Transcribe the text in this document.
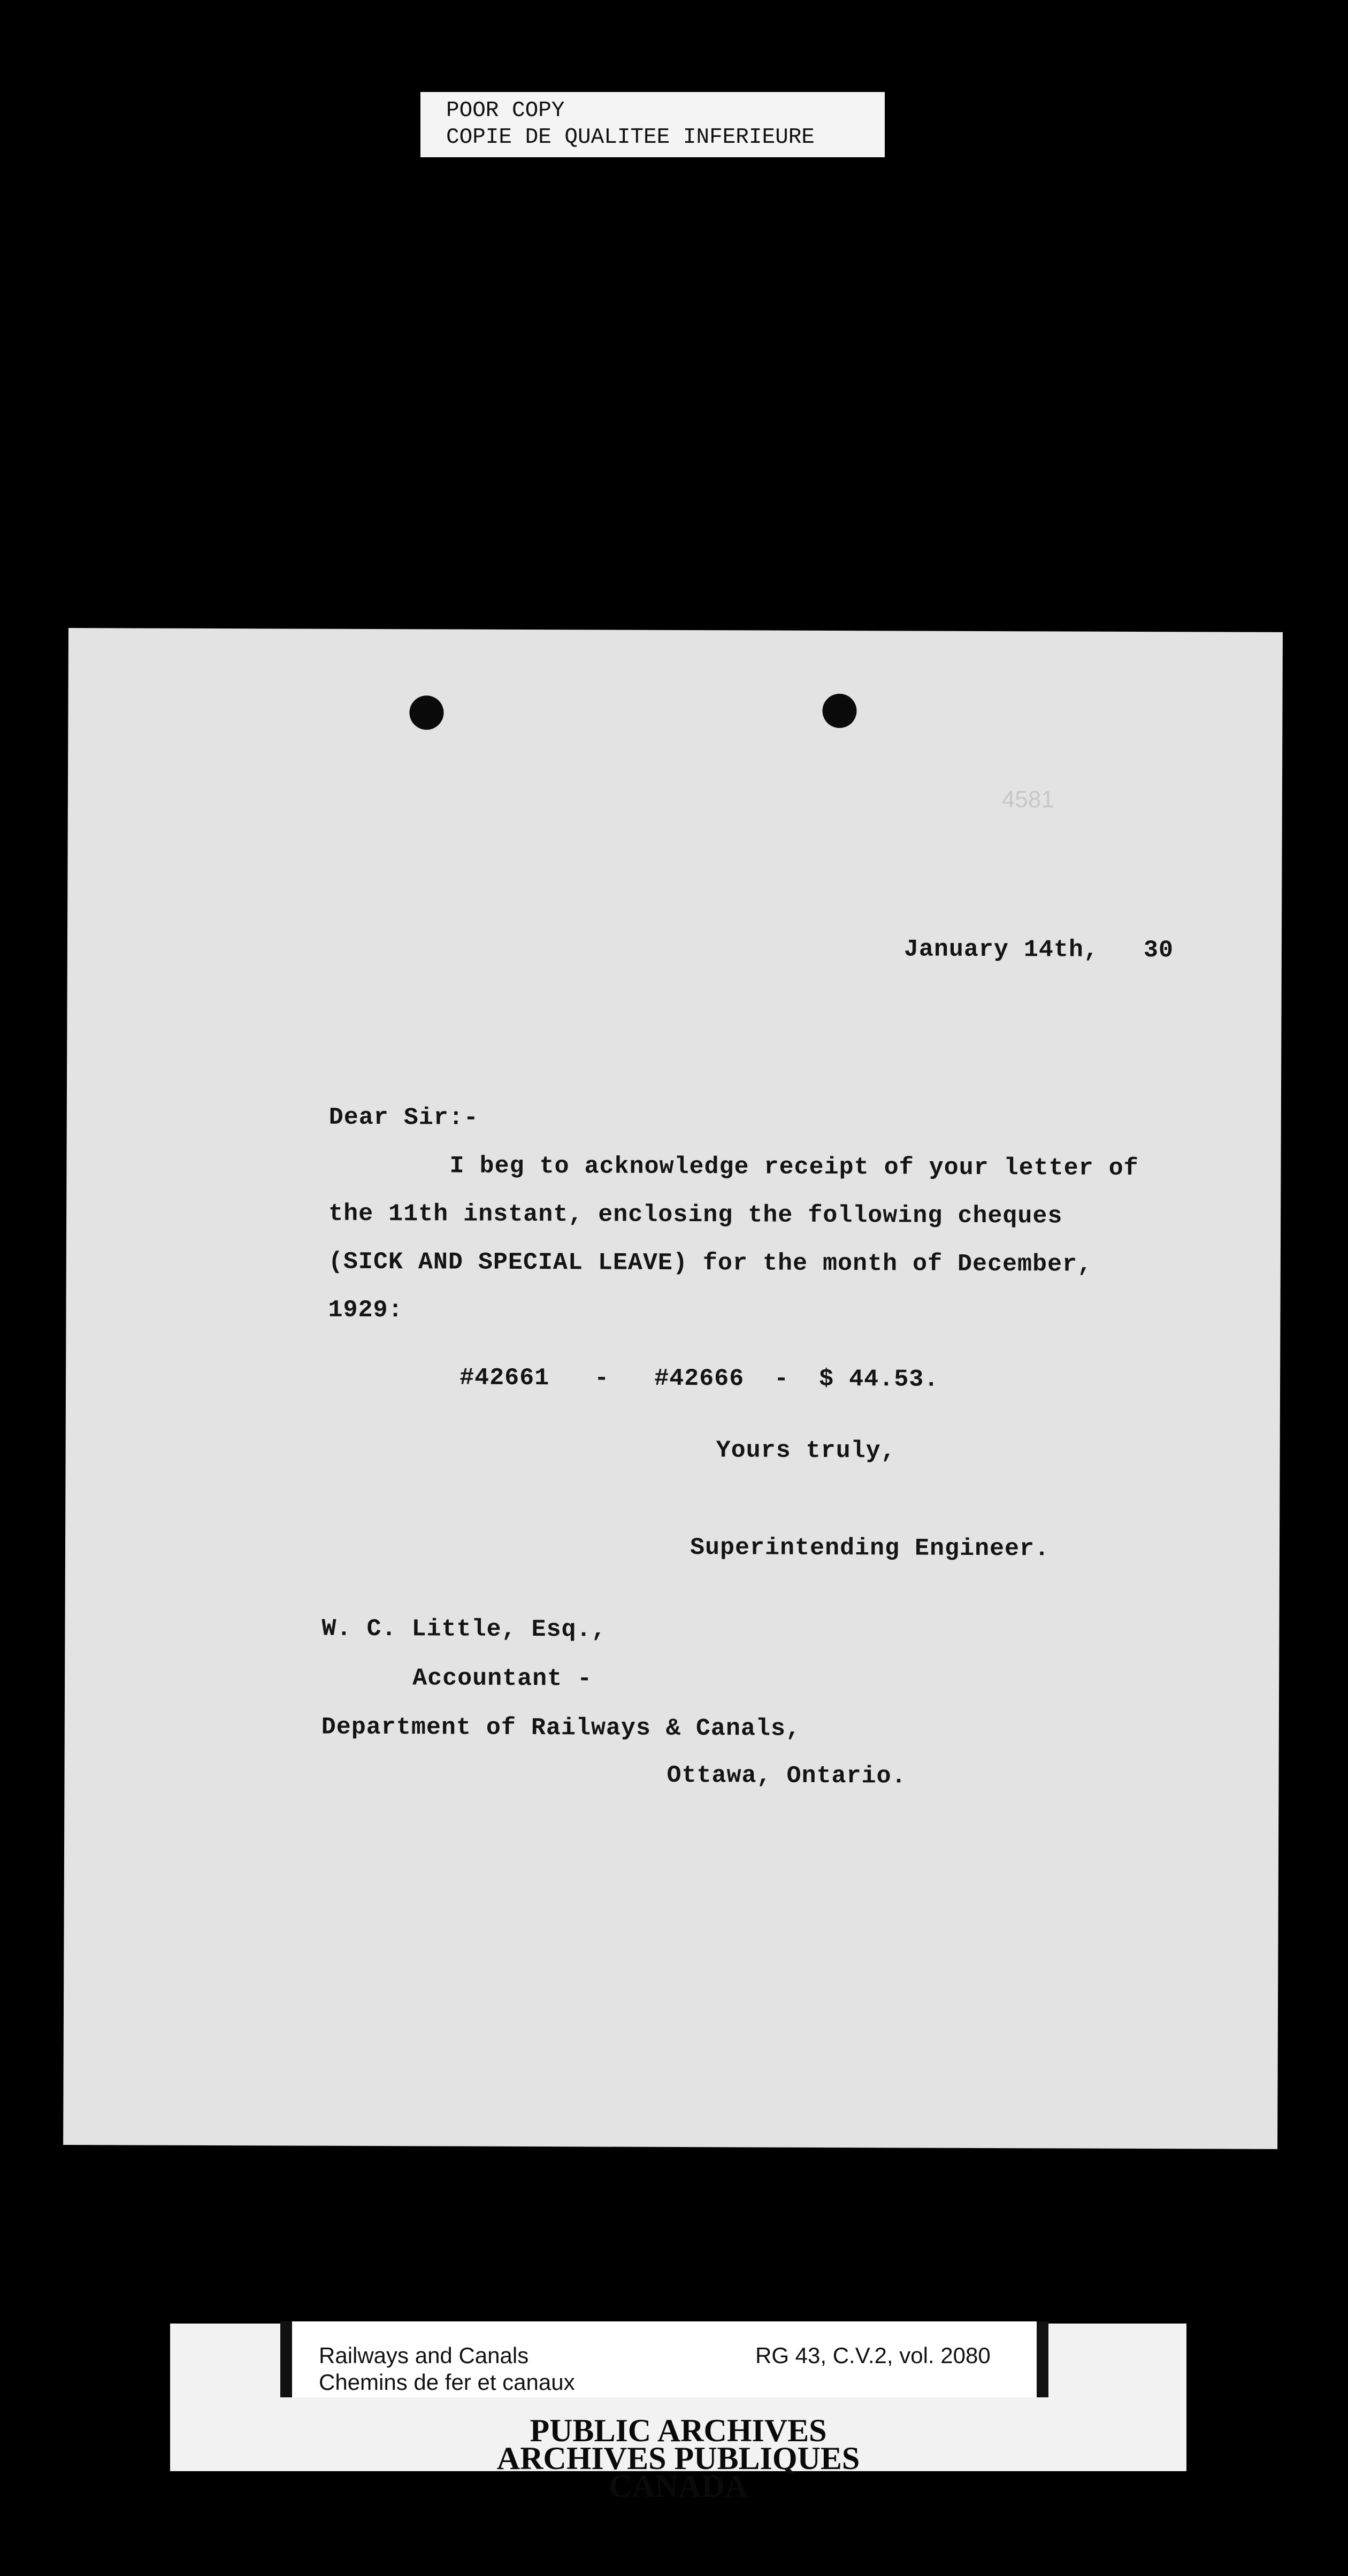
POOR COPY
COPIE DE QUALITEE INFERIEURE
4581
January 14th, 30
Dear Sir:-
I beg to acknowledge receipt of your letter of
the 11th instant, enclosing the following cheques
(SICK AND SPECIAL LEAVE) for the month of December,
1929:
#42661   -   #42666  -  $ 44.53.
Yours truly,
Superintending Engineer.
W. C. Little, Esq.,
Accountant -
Department of Railways & Canals,
Ottawa, Ontario.
Railways and Canals
Chemins de fer et canaux
RG 43, C.V.2, vol. 2080
PUBLIC ARCHIVES
ARCHIVES PUBLIQUES
CANADA
